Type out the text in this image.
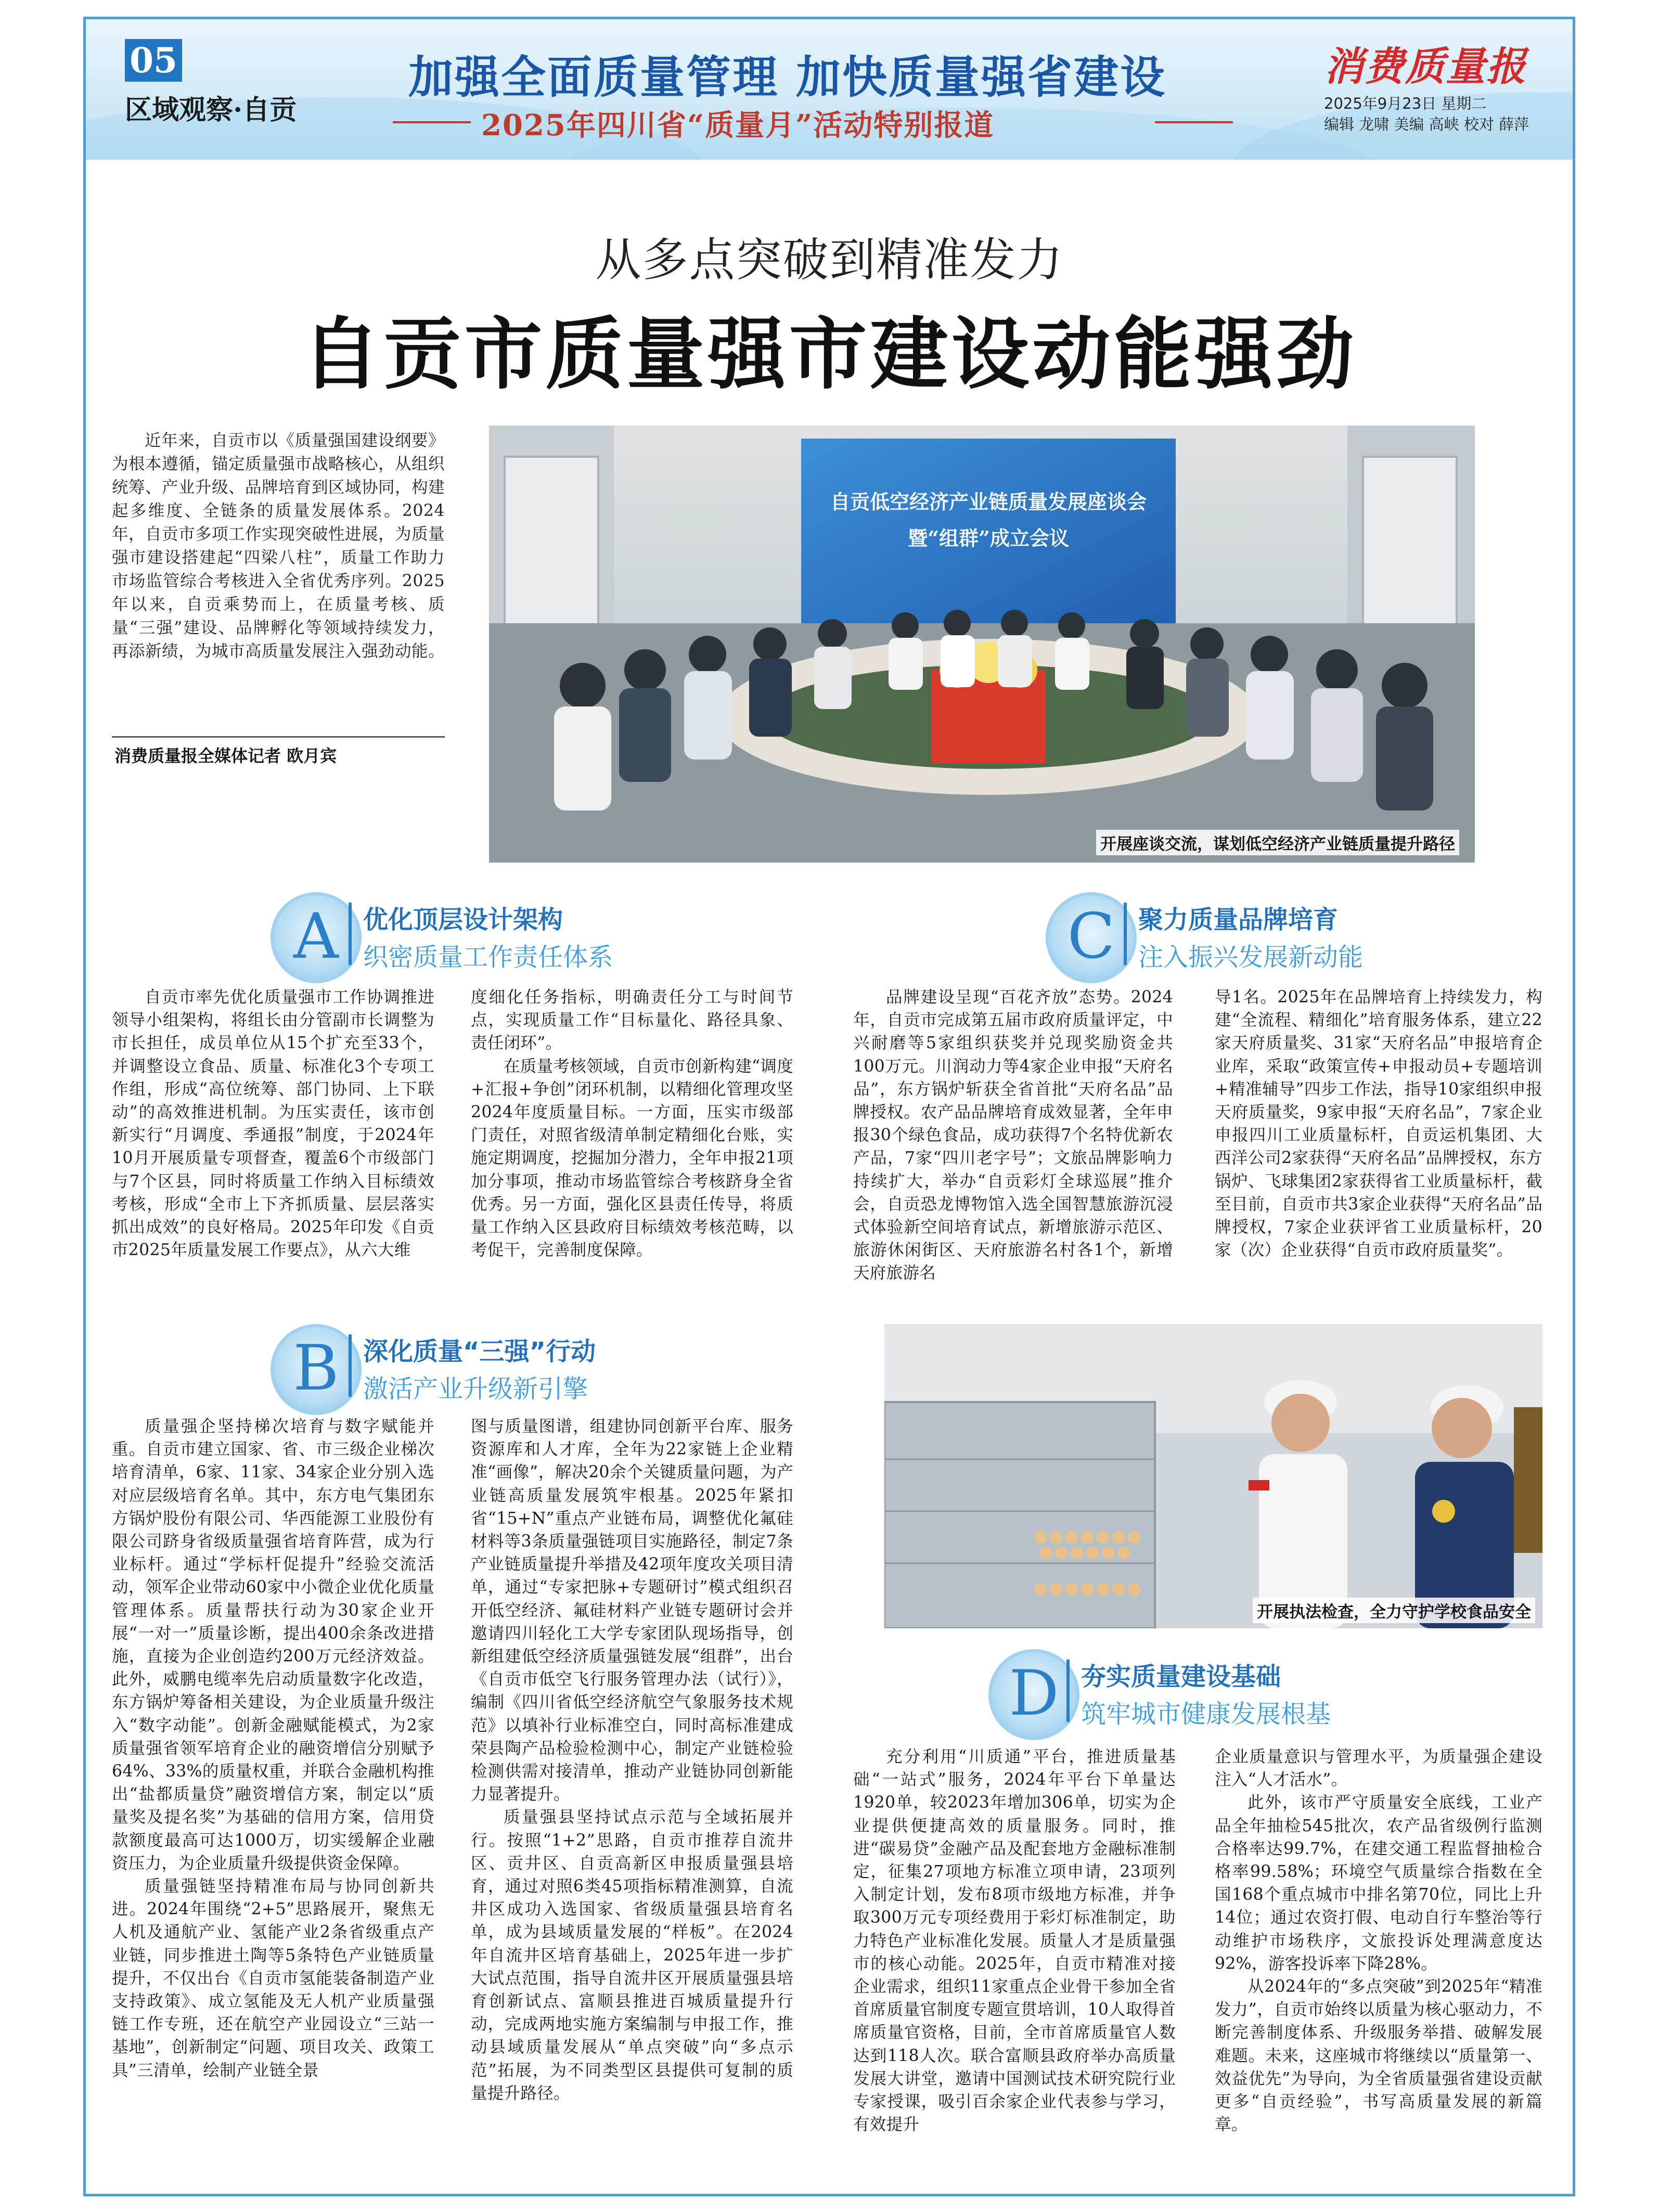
05
区域观察·自贡
加强全面质量管理 加快质量强省建设
2025年四川省“质量月”活动特别报道
消费质量报
2025年9月23日 星期二
编辑 龙啸 美编 高峡 校对 薛萍
从多点突破到精准发力
自贡市质量强市建设动能强劲

近年来，自贡市以《质量强国建设纲要》为根本遵循，锚定质量强市战略核心，从组织统筹、产业升级、品牌培育到区域协同，构建起多维度、全链条的质量发展体系。2024年，自贡市多项工作实现突破性进展，为质量强市建设搭建起“四梁八柱”，质量工作助力市场监管综合考核进入全省优秀序列。2025年以来，自贡乘势而上，在质量考核、质量“三强”建设、品牌孵化等领域持续发力，再添新绩，为城市高质量发展注入强劲动能。

消费质量报全媒体记者 欧月宾
自贡低空经济产业链质量发展座谈会
暨“组群”成立会议
开展座谈交流，谋划低空经济产业链质量提升路径
A 优化顶层设计架构
织密质量工作责任体系

自贡市率先优化质量强市工作协调推进领导小组架构，将组长由分管副市长调整为市长担任，成员单位从15个扩充至33个，并调整设立食品、质量、标准化3个专项工作组，形成“高位统筹、部门协同、上下联动”的高效推进机制。为压实责任，该市创新实行“月调度、季通报”制度，于2024年10月开展质量专项督查，覆盖6个市级部门与7个区县，同时将质量工作纳入目标绩效考核，形成“全市上下齐抓质量、层层落实抓出成效”的良好格局。2025年印发《自贡市2025年质量发展工作要点》，从六大维

度细化任务指标，明确责任分工与时间节点，实现质量工作“目标量化、路径具象、责任闭环”。

在质量考核领域，自贡市创新构建“调度+汇报+争创”闭环机制，以精细化管理攻坚2024年度质量目标。一方面，压实市级部门责任，对照省级清单制定精细化台账，实施定期调度，挖掘加分潜力，全年申报21项加分事项，推动市场监管综合考核跻身全省优秀。另一方面，强化区县责任传导，将质量工作纳入区县政府目标绩效考核范畴，以考促干，完善制度保障。

B 深化质量“三强”行动
激活产业升级新引擎

质量强企坚持梯次培育与数字赋能并重。自贡市建立国家、省、市三级企业梯次培育清单，6家、11家、34家企业分别入选对应层级培育名单。其中，东方电气集团东方锅炉股份有限公司、华西能源工业股份有限公司跻身省级质量强省培育阵营，成为行业标杆。通过“学标杆促提升”经验交流活动，领军企业带动60家中小微企业优化质量管理体系。质量帮扶行动为30家企业开展“一对一”质量诊断，提出400余条改进措施，直接为企业创造约200万元经济效益。此外，威鹏电缆率先启动质量数字化改造，东方锅炉筹备相关建设，为企业质量升级注入“数字动能”。创新金融赋能模式，为2家质量强省领军培育企业的融资增信分别赋予64%、33%的质量权重，并联合金融机构推出“盐都质量贷”融资增信方案，制定以“质量奖及提名奖”为基础的信用方案，信用贷款额度最高可达1000万，切实缓解企业融资压力，为企业质量升级提供资金保障。

质量强链坚持精准布局与协同创新共进。2024年围绕“2+5”思路展开，聚焦无人机及通航产业、氢能产业2条省级重点产业链，同步推进土陶等5条特色产业链质量提升，不仅出台《自贡市氢能装备制造产业支持政策》、成立氢能及无人机产业质量强链工作专班，还在航空产业园设立“三站一基地”，创新制定“问题、项目攻关、政策工具”三清单，绘制产业链全景

图与质量图谱，组建协同创新平台库、服务资源库和人才库，全年为22家链上企业精准“画像”，解决20余个关键质量问题，为产业链高质量发展筑牢根基。2025年紧扣省“15+N”重点产业链布局，调整优化氟硅材料等3条质量强链项目实施路径，制定7条产业链质量提升举措及42项年度攻关项目清单，通过“专家把脉+专题研讨”模式组织召开低空经济、氟硅材料产业链专题研讨会并邀请四川轻化工大学专家团队现场指导，创新组建低空经济质量强链发展“组群”，出台《自贡市低空飞行服务管理办法（试行）》，编制《四川省低空经济航空气象服务技术规范》以填补行业标准空白，同时高标准建成荣县陶产品检验检测中心，制定产业链检验检测供需对接清单，推动产业链协同创新能力显著提升。

质量强县坚持试点示范与全域拓展并行。按照“1+2”思路，自贡市推荐自流井区、贡井区、自贡高新区申报质量强县培育，通过对照6类45项指标精准测算，自流井区成功入选国家、省级质量强县培育名单，成为县域质量发展的“样板”。在2024年自流井区培育基础上，2025年进一步扩大试点范围，指导自流井区开展质量强县培育创新试点、富顺县推进百城质量提升行动，完成两地实施方案编制与申报工作，推动县域质量发展从“单点突破”向“多点示范”拓展，为不同类型区县提供可复制的质量提升路径。

C 聚力质量品牌培育
注入振兴发展新动能

品牌建设呈现“百花齐放”态势。2024年，自贡市完成第五届市政府质量评定，中兴耐磨等5家组织获奖并兑现奖励资金共100万元。川润动力等4家企业申报“天府名品”，东方锅炉斩获全省首批“天府名品”品牌授权。农产品品牌培育成效显著，全年申报30个绿色食品，成功获得7个名特优新农产品，7家“四川老字号”；文旅品牌影响力持续扩大，举办“自贡彩灯全球巡展”推介会，自贡恐龙博物馆入选全国智慧旅游沉浸式体验新空间培育试点，新增旅游示范区、旅游休闲街区、天府旅游名村各1个，新增天府旅游名

导1名。2025年在品牌培育上持续发力，构建“全流程、精细化”培育服务体系，建立22家天府质量奖、31家“天府名品”申报培育企业库，采取“政策宣传+申报动员+专题培训+精准辅导”四步工作法，指导10家组织申报天府质量奖，9家申报“天府名品”，7家企业申报四川工业质量标杆，自贡运机集团、大西洋公司2家获得“天府名品”品牌授权，东方锅炉、飞球集团2家获得省工业质量标杆，截至目前，自贡市共3家企业获得“天府名品”品牌授权，7家企业获评省工业质量标杆，20家（次）企业获得“自贡市政府质量奖”。

开展执法检查，全力守护学校食品安全
D 夯实质量建设基础
筑牢城市健康发展根基

充分利用“川质通”平台，推进质量基础“一站式”服务，2024年平台下单量达1920单，较2023年增加306单，切实为企业提供便捷高效的质量服务。同时，推进“碳易贷”金融产品及配套地方金融标准制定，征集27项地方标准立项申请，23项列入制定计划，发布8项市级地方标准，并争取300万元专项经费用于彩灯标准制定，助力特色产业标准化发展。质量人才是质量强市的核心动能。2025年，自贡市精准对接企业需求，组织11家重点企业骨干参加全省首席质量官制度专题宣贯培训，10人取得首席质量官资格，目前，全市首席质量官人数达到118人次。联合富顺县政府举办高质量发展大讲堂，邀请中国测试技术研究院行业专家授课，吸引百余家企业代表参与学习，有效提升

企业质量意识与管理水平，为质量强企建设注入“人才活水”。

此外，该市严守质量安全底线，工业产品全年抽检545批次，农产品省级例行监测合格率达99.7%，在建交通工程监督抽检合格率99.58%；环境空气质量综合指数在全国168个重点城市中排名第70位，同比上升14位；通过农资打假、电动自行车整治等行动维护市场秩序，文旅投诉处理满意度达92%，游客投诉率下降28%。

从2024年的“多点突破”到2025年“精准发力”，自贡市始终以质量为核心驱动力，不断完善制度体系、升级服务举措、破解发展难题。未来，这座城市将继续以“质量第一、效益优先”为导向，为全省质量强省建设贡献更多“自贡经验”，书写高质量发展的新篇章。
